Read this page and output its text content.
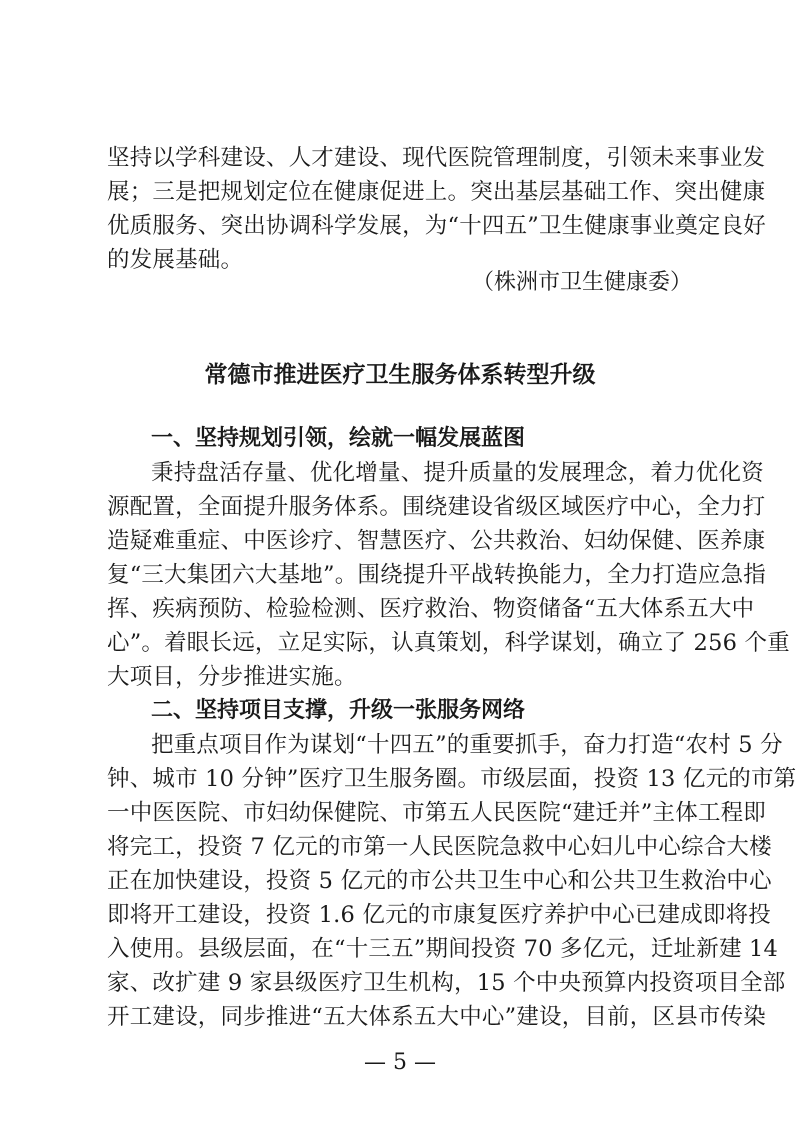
坚持以学科建设、人才建设、现代医院管理制度，引领未来事业发
展；三是把规划定位在健康促进上。突出基层基础工作、突出健康
优质服务、突出协调科学发展，为“十四五”卫生健康事业奠定良好
的发展基础。
（株洲市卫生健康委）
常德市推进医疗卫生服务体系转型升级
一、坚持规划引领，绘就一幅发展蓝图
秉持盘活存量、优化增量、提升质量的发展理念，着力优化资
源配置，全面提升服务体系。围绕建设省级区域医疗中心，全力打
造疑难重症、中医诊疗、智慧医疗、公共救治、妇幼保健、医养康
复“三大集团六大基地”。围绕提升平战转换能力，全力打造应急指
挥、疾病预防、检验检测、医疗救治、物资储备“五大体系五大中
心”。着眼长远，立足实际，认真策划，科学谋划，确立了 256 个重
大项目，分步推进实施。
二、坚持项目支撑，升级一张服务网络
把重点项目作为谋划“十四五”的重要抓手，奋力打造“农村 5 分
钟、城市 10 分钟”医疗卫生服务圈。市级层面，投资 13 亿元的市第
一中医医院、市妇幼保健院、市第五人民医院“建迁并”主体工程即
将完工，投资 7 亿元的市第一人民医院急救中心妇儿中心综合大楼
正在加快建设，投资 5 亿元的市公共卫生中心和公共卫生救治中心
即将开工建设，投资 1.6 亿元的市康复医疗养护中心已建成即将投
入使用。县级层面，在“十三五”期间投资 70 多亿元，迁址新建 14
家、改扩建 9 家县级医疗卫生机构，15 个中央预算内投资项目全部
开工建设，同步推进“五大体系五大中心”建设，目前，区县市传染
— 5 —
